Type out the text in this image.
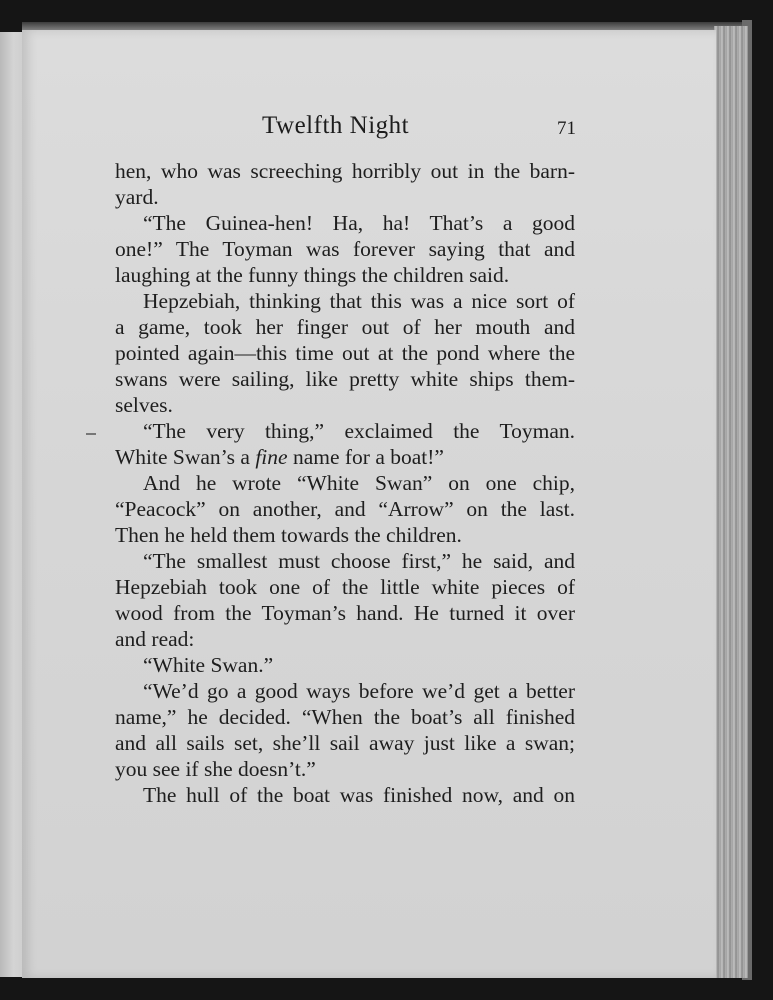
Twelfth Night	71
hen, who was screeching horribly out in the barn-
yard.
“The Guinea-hen! Ha, ha! That’s a good
one!” The Toyman was forever saying that and
laughing at the funny things the children said.
Hepzebiah, thinking that this was a nice sort of
a game, took her finger out of her mouth and
pointed again—this time out at the pond where the
swans were sailing, like pretty white ships them-
selves.
“The very thing,” exclaimed the Toyman.
White Swan’s a fine name for a boat!”
And he wrote “White Swan” on one chip,
“Peacock” on another, and “Arrow” on the last.
Then he held them towards the children.
“The smallest must choose first,” he said, and
Hepzebiah took one of the little white pieces of
wood from the Toyman’s hand. He turned it over
and read:
“White Swan.”
“We’d go a good ways before we’d get a better
name,” he decided. “When the boat’s all finished
and all sails set, she’ll sail away just like a swan;
you see if she doesn’t.”
The hull of the boat was finished now, and on
